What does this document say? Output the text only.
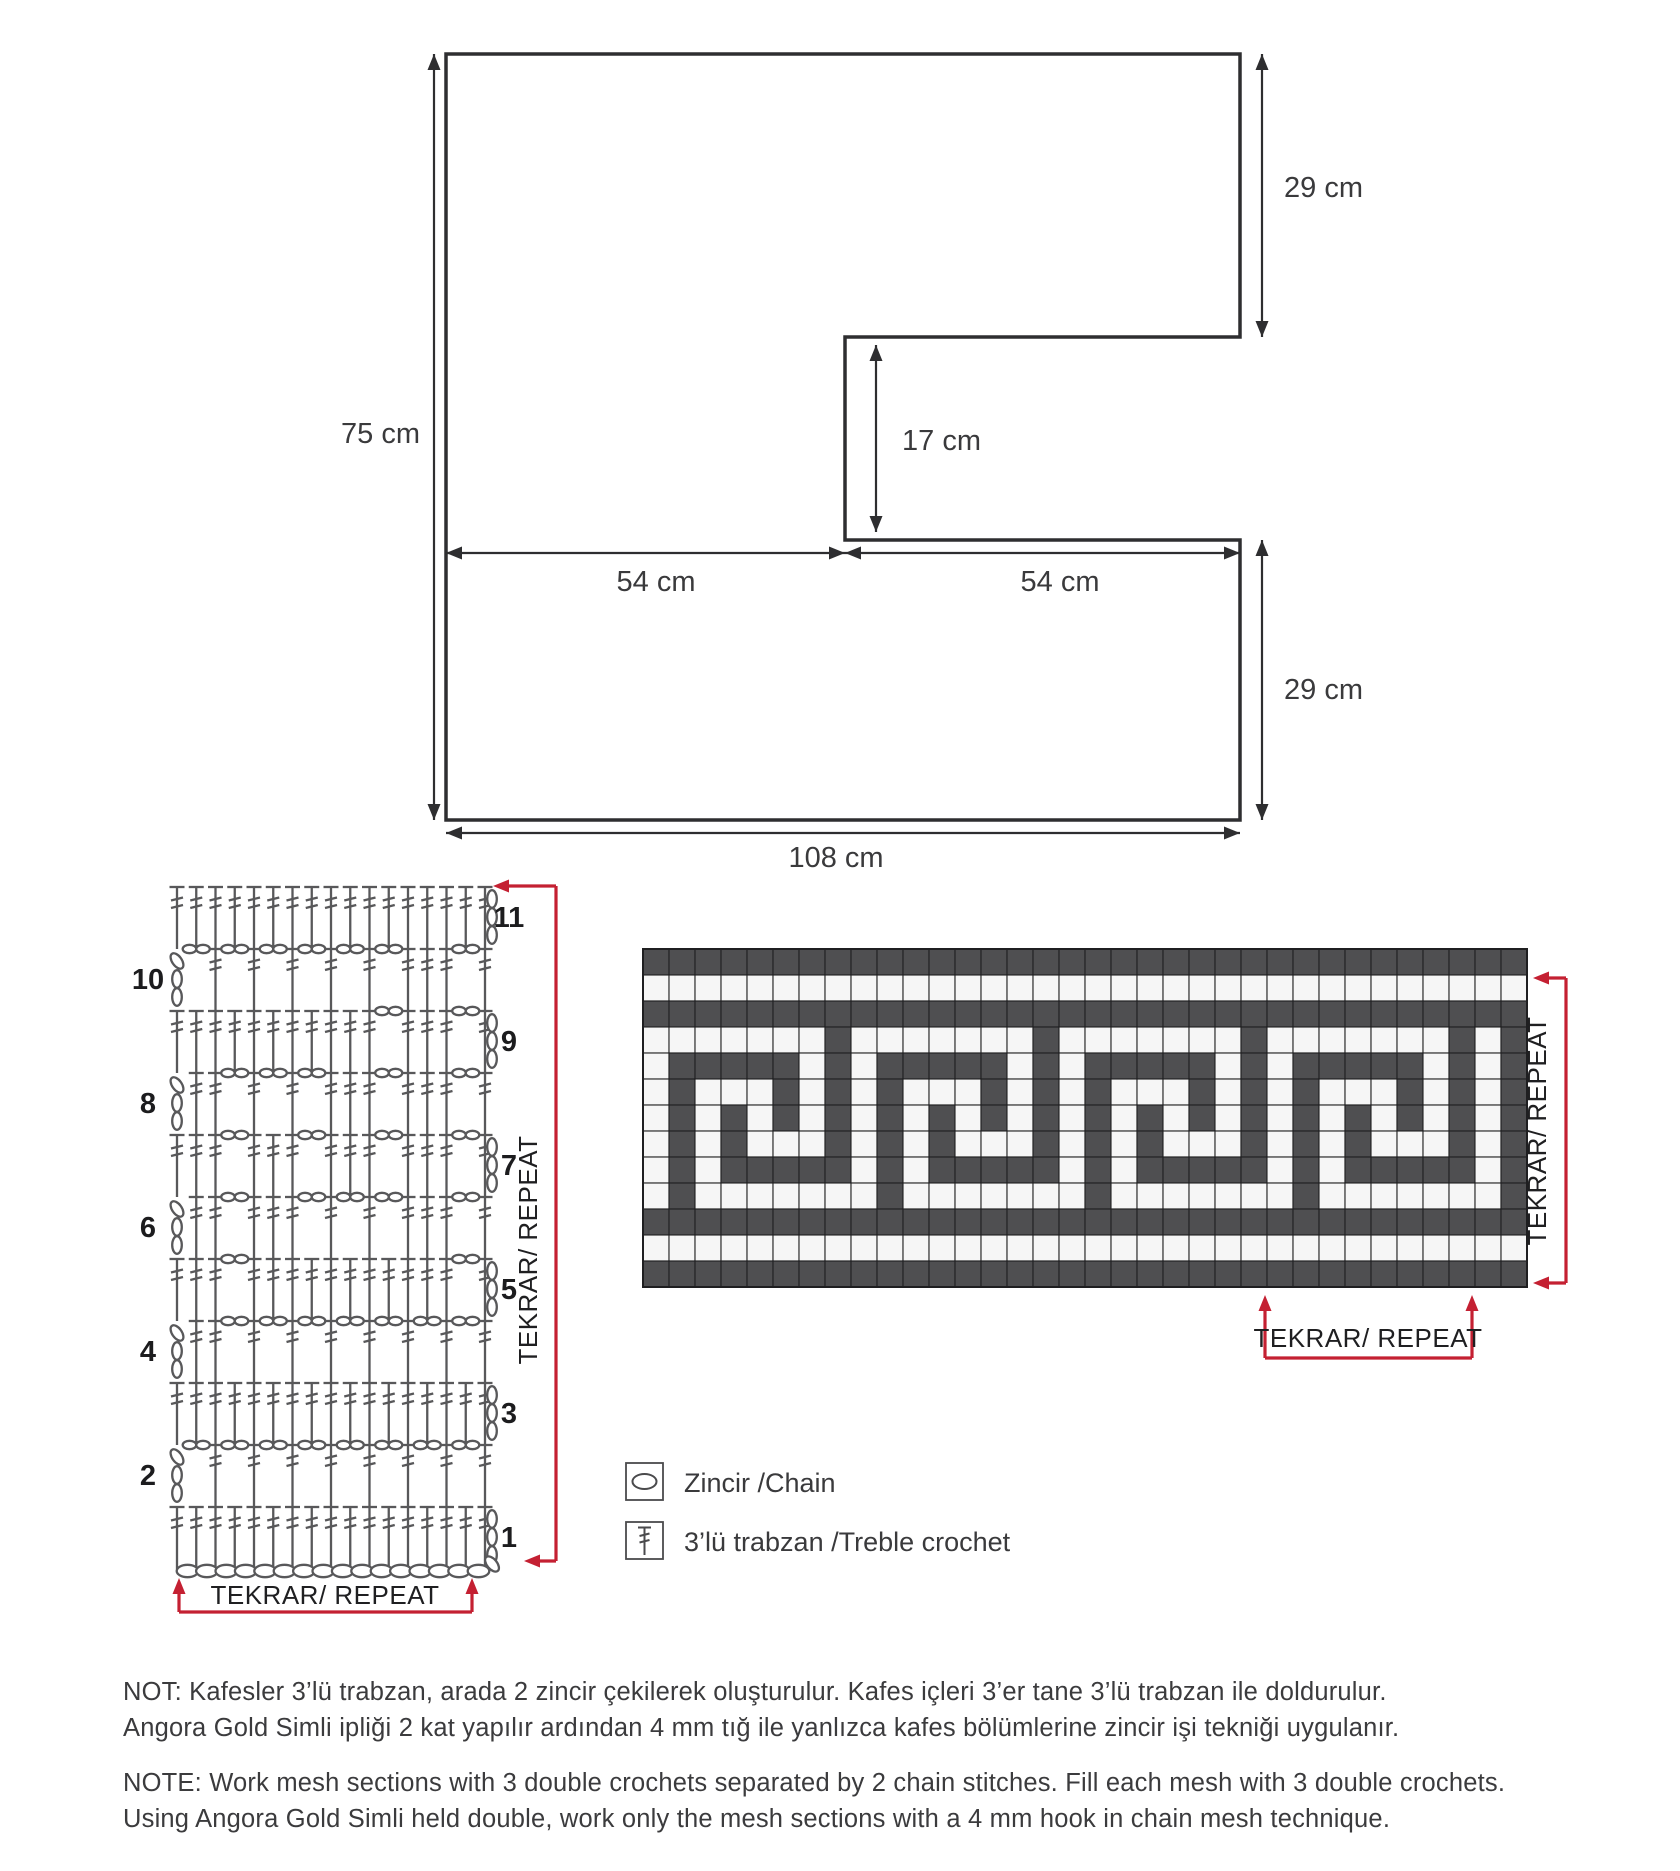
75 cm
29 cm
17 cm
54 cm	54 cm
29 cm
108 cm
1
2
3
4
5
6
7
8
9
10
11
TEKRAR/ REPEAT
TEKRAR/ REPEAT	TEKRAR/ REPEAT
TEKRAR/ REPEAT
Zincir /Chain
3’lü trabzan /Treble crochet
NOT: Kafesler 3’lü trabzan, arada 2 zincir çekilerek oluşturulur. Kafes içleri 3’er tane 3’lü trabzan ile doldurulur.
Angora Gold Simli ipliği 2 kat yapılır ardından 4 mm tığ ile yanlızca kafes bölümlerine zincir işi tekniği uygulanır.
NOTE: Work mesh sections with 3 double crochets separated by 2 chain stitches. Fill each mesh with 3 double crochets.
Using Angora Gold Simli held double, work only the mesh sections with a 4 mm hook in chain mesh technique.
